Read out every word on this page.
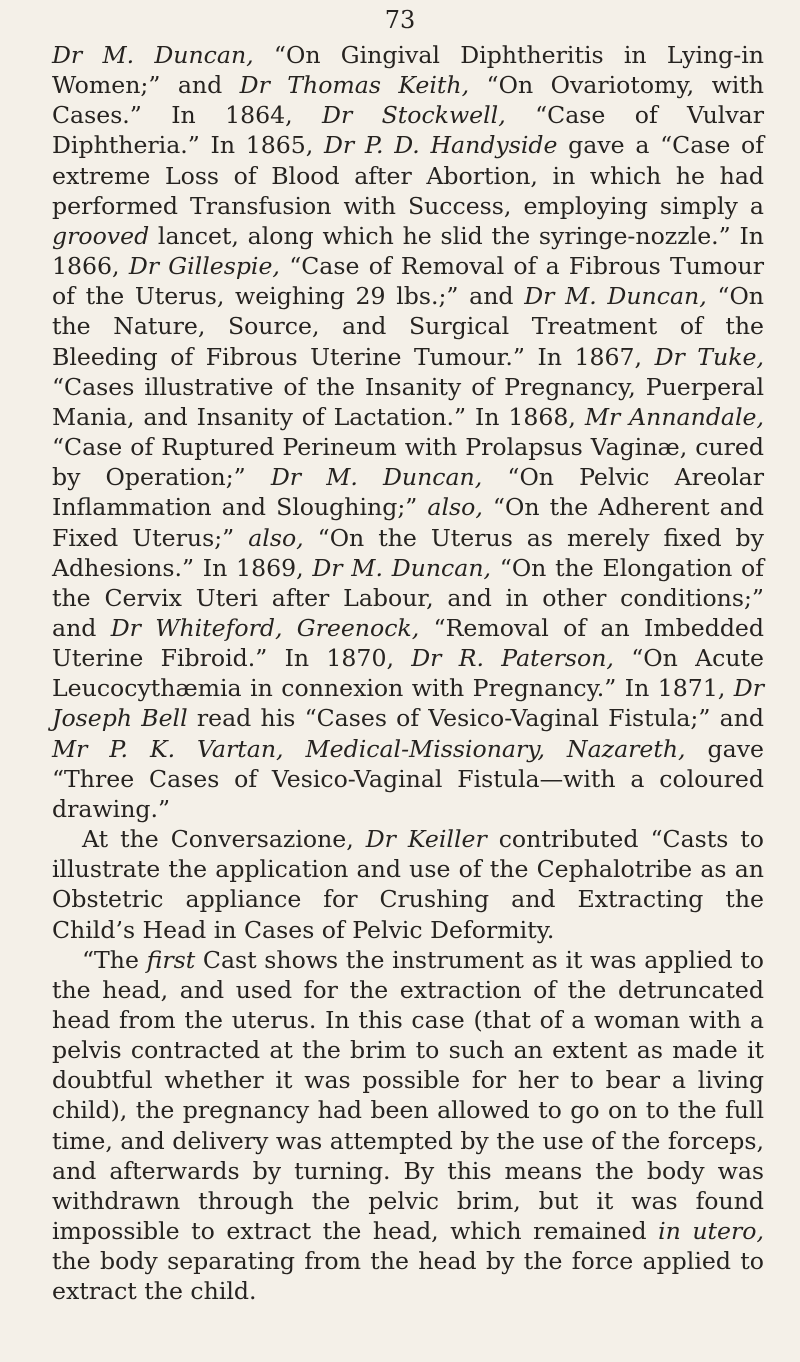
73

Dr M. Duncan, “On Gingival Diphtheritis in Lying-in Women;” and Dr Thomas Keith, “On Ovariotomy, with Cases.” In 1864, Dr Stockwell, “Case of Vulvar Diphtheria.” In 1865, Dr P. D. Handyside gave a “Case of extreme Loss of Blood after Abortion, in which he had performed Transfusion with Success, employing simply a grooved lancet, along which he slid the syringe-nozzle.” In 1866, Dr Gillespie, “Case of Removal of a Fibrous Tumour of the Uterus, weighing 29 lbs.;” and Dr M. Duncan, “On the Nature, Source, and Surgical Treatment of the Bleeding of Fibrous Uterine Tumour.” In 1867, Dr Tuke, “Cases illustrative of the Insanity of Pregnancy, Puerperal Mania, and Insanity of Lactation.” In 1868, Mr Annandale, “Case of Ruptured Perineum with Prolapsus Vaginæ, cured by Operation;” Dr M. Duncan, “On Pelvic Areolar Inflammation and Sloughing;” also, “On the Adherent and Fixed Uterus;” also, “On the Uterus as merely fixed by Adhesions.” In 1869, Dr M. Duncan, “On the Elongation of the Cervix Uteri after Labour, and in other conditions;” and Dr Whiteford, Greenock, “Removal of an Imbedded Uterine Fibroid.” In 1870, Dr R. Paterson, “On Acute Leucocythæmia in connexion with Pregnancy.” In 1871, Dr Joseph Bell read his “Cases of Vesico-Vaginal Fistula;” and Mr P. K. Vartan, Medical-Missionary, Nazareth, gave “Three Cases of Vesico-Vaginal Fistula—with a coloured drawing.”

At the Conversazione, Dr Keiller contributed “Casts to illustrate the application and use of the Cephalotribe as an Obstetric appliance for Crushing and Extracting the Child’s Head in Cases of Pelvic Deformity.

“The first Cast shows the instrument as it was applied to the head, and used for the extraction of the detruncated head from the uterus. In this case (that of a woman with a pelvis contracted at the brim to such an extent as made it doubtful whether it was possible for her to bear a living child), the pregnancy had been allowed to go on to the full time, and delivery was attempted by the use of the forceps, and afterwards by turning. By this means the body was withdrawn through the pelvic brim, but it was found impossible to extract the head, which remained in utero, the body separating from the head by the force applied to extract the child.
